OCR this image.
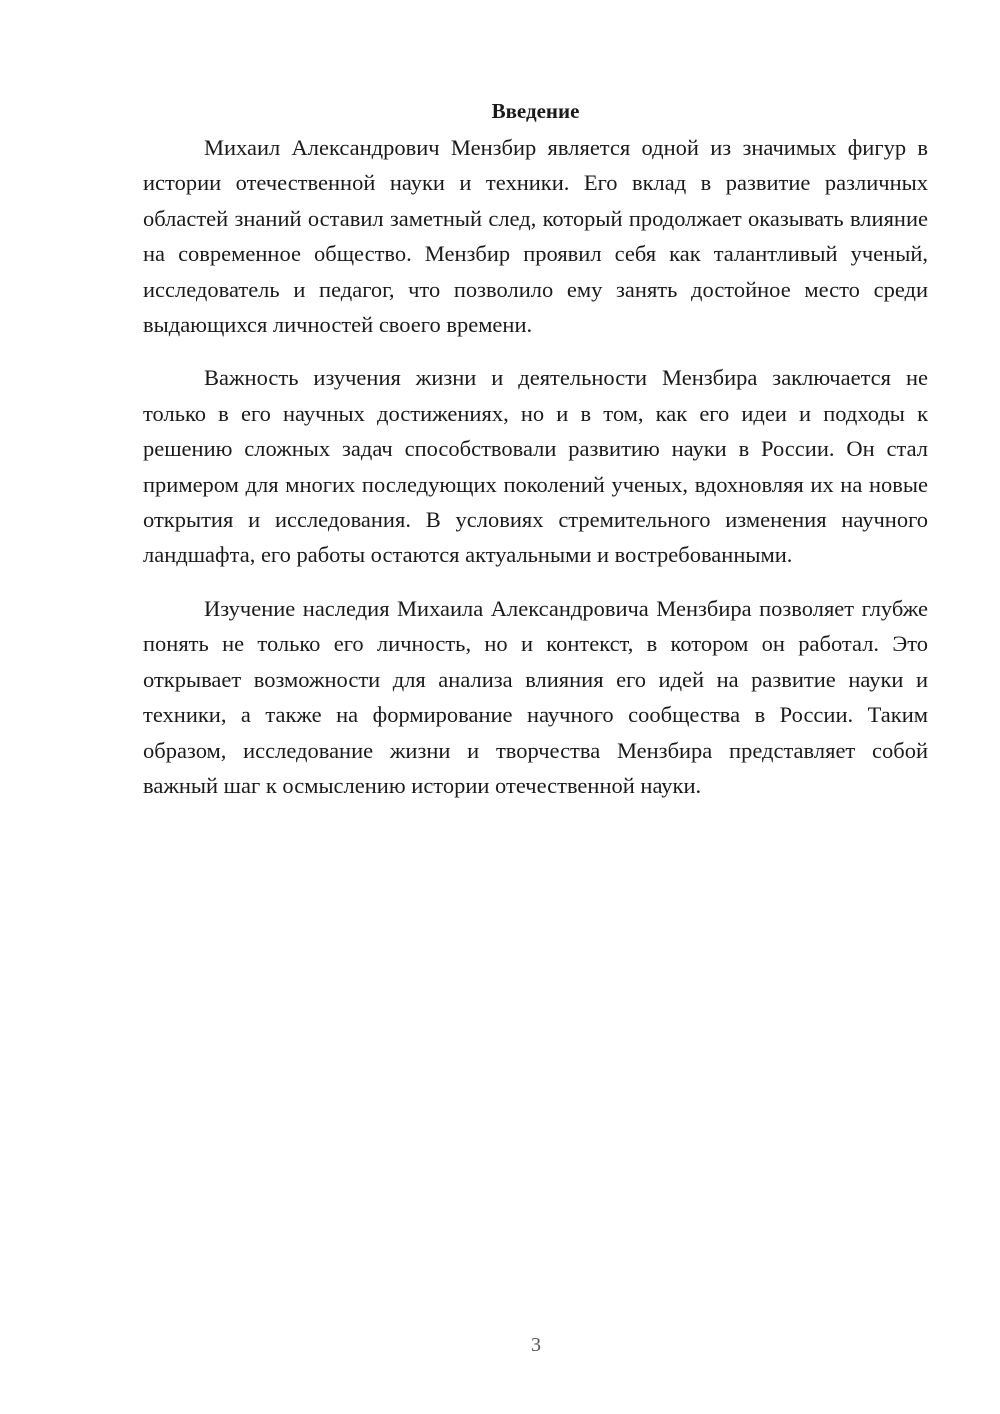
Введение

Михаил Александрович Мензбир является одной из значимых фигур в истории отечественной науки и техники. Его вклад в развитие различных областей знаний оставил заметный след, который продолжает оказывать влияние на современное общество. Мензбир проявил себя как талантливый ученый, исследователь и педагог, что позволило ему занять достойное место среди выдающихся личностей своего времени.

Важность изучения жизни и деятельности Мензбира заключается не только в его научных достижениях, но и в том, как его идеи и подходы к решению сложных задач способствовали развитию науки в России. Он стал примером для многих последующих поколений ученых, вдохновляя их на новые открытия и исследования. В условиях стремительного изменения научного ландшафта, его работы остаются актуальными и востребованными.

Изучение наследия Михаила Александровича Мензбира позволяет глубже понять не только его личность, но и контекст, в котором он работал. Это открывает возможности для анализа влияния его идей на развитие науки и техники, а также на формирование научного сообщества в России. Таким образом, исследование жизни и творчества Мензбира представляет собой важный шаг к осмыслению истории отечественной науки.

3
